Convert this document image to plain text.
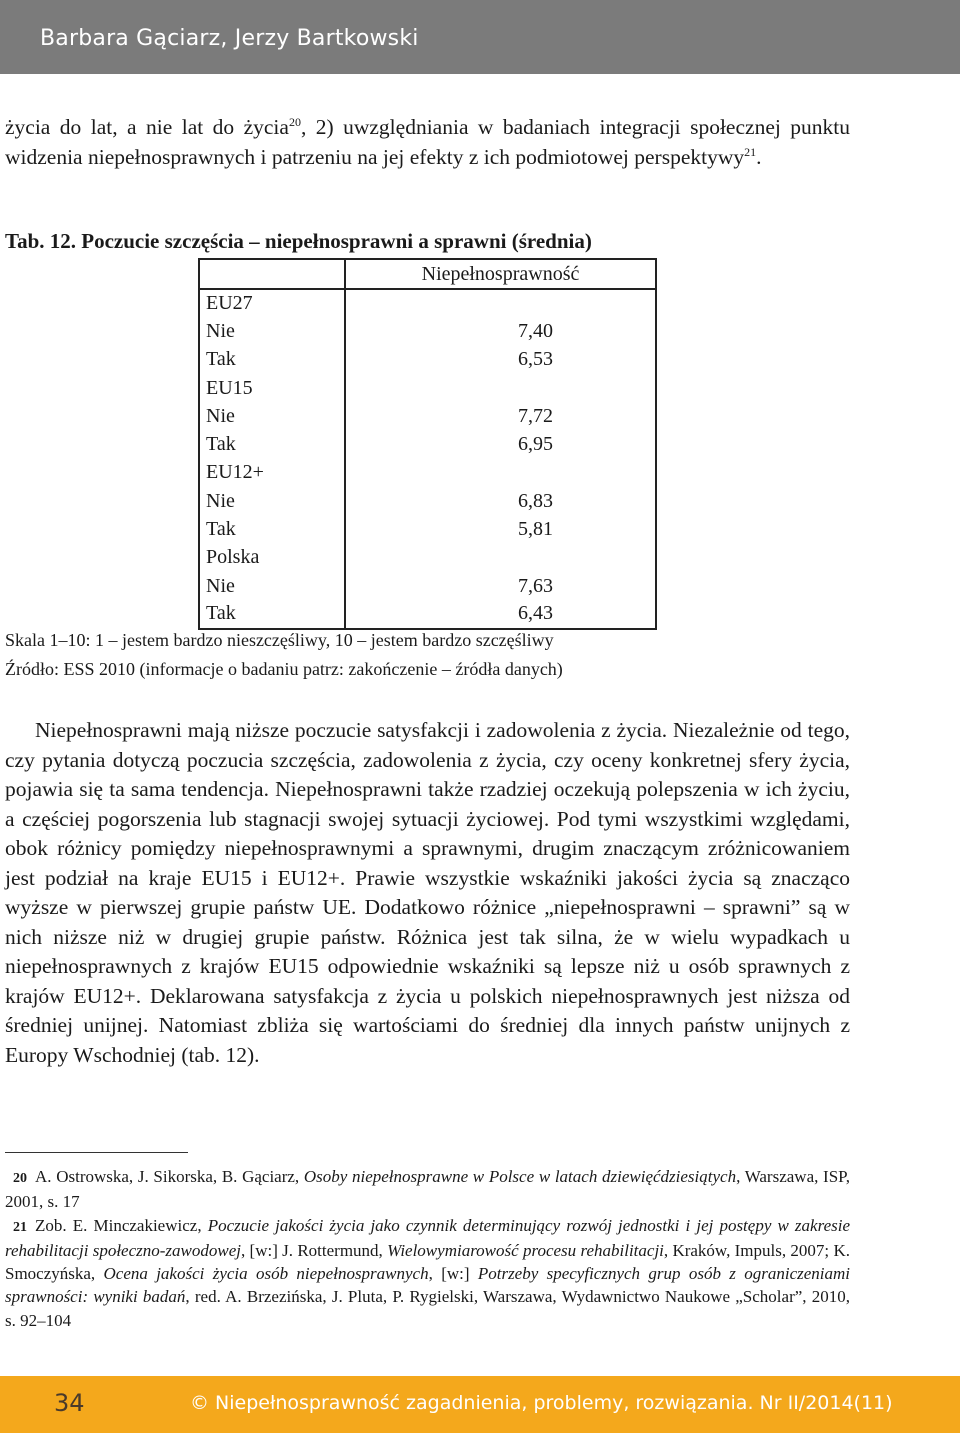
Barbara Gąciarz, Jerzy Bartkowski

życia do lat, a nie lat do życia$^{20}$, 2) uwzględniania w badaniach integracji społecznej punktu widzenia niepełnosprawnych i patrzeniu na jej efekty z ich podmiotowej perspektywy$^{21}$.

Tab. 12. Poczucie szczęścia – niepełnosprawni a sprawni (średnia)
	Niepełnosprawność
EU27	
Nie	7,40
Tak	6,53
EU15	
Nie	7,72
Tak	6,95
EU12+	
Nie	6,83
Tak	5,81
Polska	
Nie	7,63
Tak	6,43
Skala 1–10: 1 – jestem bardzo nieszczęśliwy, 10 – jestem bardzo szczęśliwy
Źródło: ESS 2010 (informacje o badaniu patrz: zakończenie – źródła danych)

Niepełnosprawni mają niższe poczucie satysfakcji i zadowolenia z życia. Niezależnie od tego, czy pytania dotyczą poczucia szczęścia, zadowolenia z życia, czy oceny konkretnej sfery życia, pojawia się ta sama tendencja. Niepełnosprawni także rzadziej oczekują polepszenia w ich życiu, a częściej pogorszenia lub stagnacji swojej sytuacji życiowej. Pod tymi wszystkimi względami, obok różnicy pomiędzy niepełnosprawnymi a sprawnymi, drugim znaczącym zróżnicowaniem jest podział na kraje EU15 i EU12+. Prawie wszystkie wskaźniki jakości życia są znacząco wyższe w pierwszej grupie państw UE. Dodatkowo różnice „niepełnosprawni – sprawni” są w nich niższe niż w drugiej grupie państw. Różnica jest tak silna, że w wielu wypadkach u niepełnosprawnych z krajów EU15 odpowiednie wskaźniki są lepsze niż u osób sprawnych z krajów EU12+. Deklarowana satysfakcja z życia u polskich niepełnosprawnych jest niższa od średniej unijnej. Natomiast zbliża się wartościami do średniej dla innych państw unijnych z Europy Wschodniej (tab. 12).

20 A. Ostrowska, J. Sikorska, B. Gąciarz, Osoby niepełnosprawne w Polsce w latach dziewięćdziesiątych, Warszawa, ISP, 2001, s. 17

21 Zob. E. Minczakiewicz, Poczucie jakości życia jako czynnik determinujący rozwój jednostki i jej postępy w zakresie rehabilitacji społeczno-zawodowej, [w:] J. Rottermund, Wielowymiarowość procesu rehabilitacji, Kraków, Impuls, 2007; K. Smoczyńska, Ocena jakości życia osób niepełnosprawnych, [w:] Potrzeby specyficznych grup osób z ograniczeniami sprawności: wyniki badań, red. A. Brzezińska, J. Pluta, P. Rygielski, Warszawa, Wydawnictwo Naukowe „Scholar”, 2010, s. 92–104

34	© Niepełnosprawność zagadnienia, problemy, rozwiązania. Nr II/2014(11)
